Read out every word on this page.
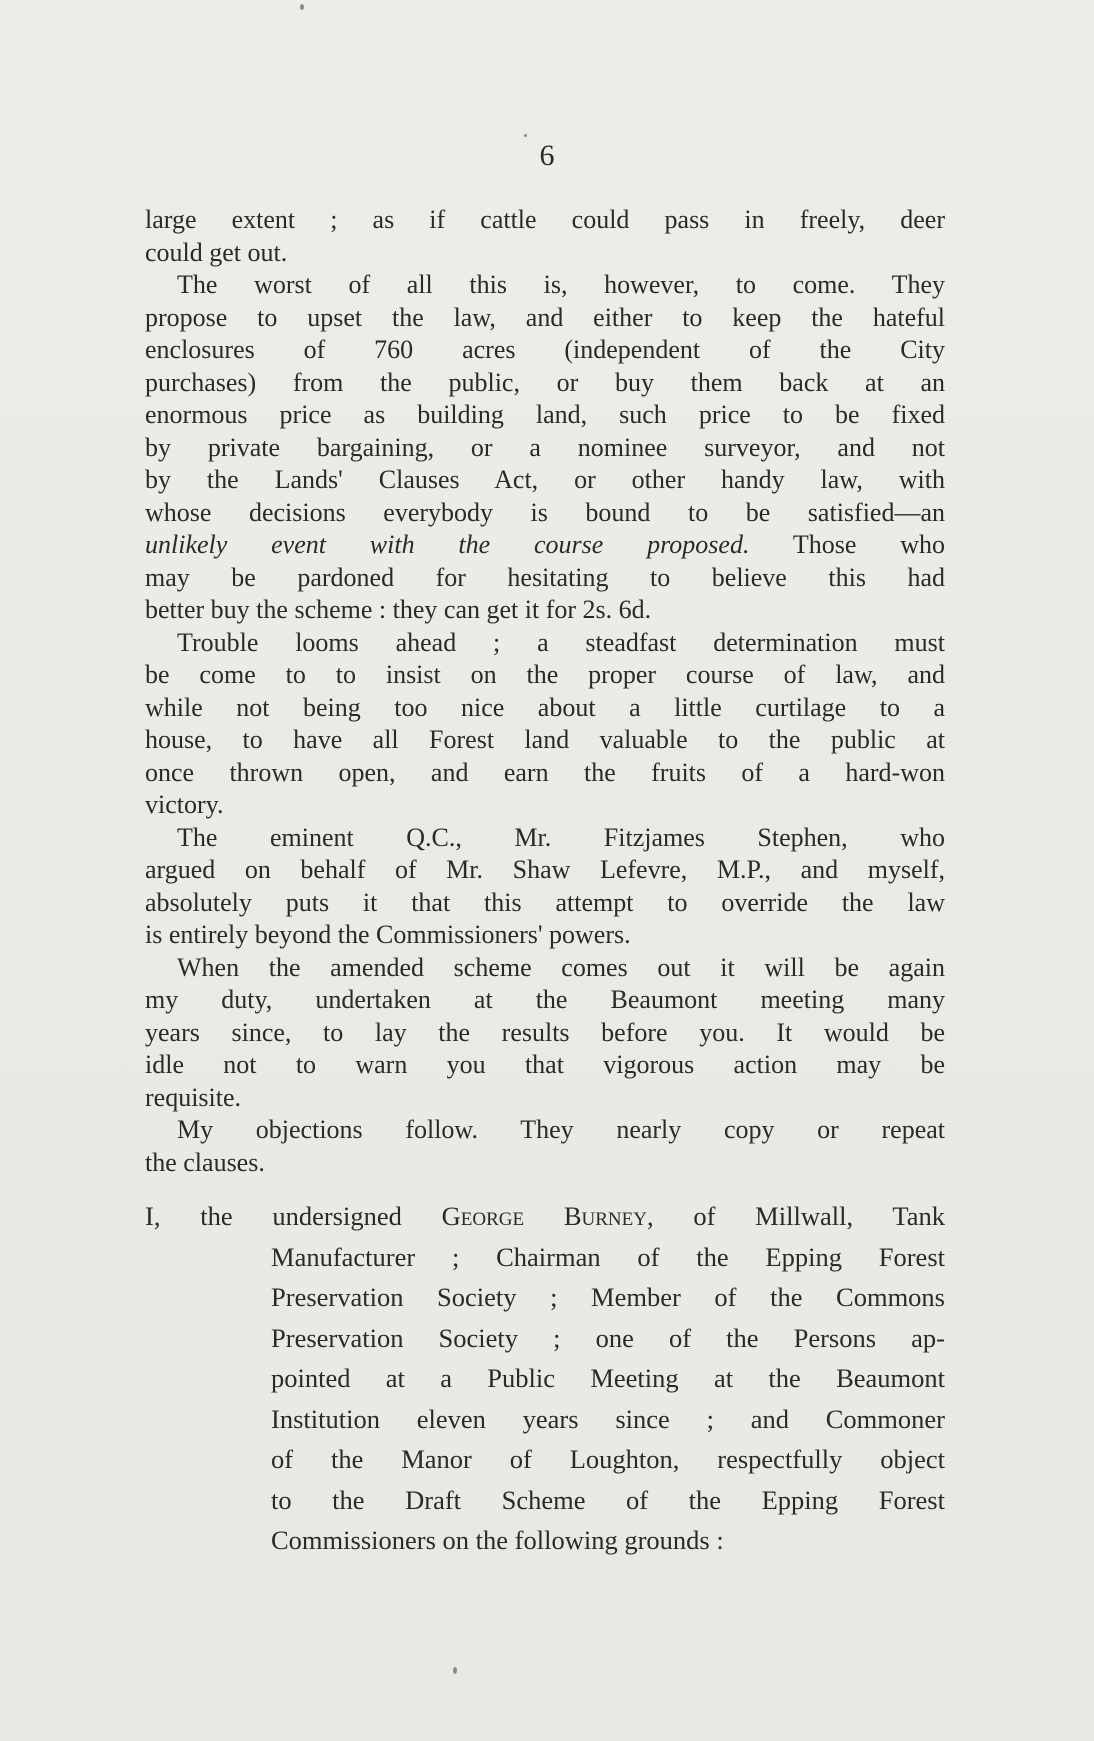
6

large extent ; as if cattle could pass in freely, deer
could get out.

The worst of all this is, however, to come. They
propose to upset the law, and either to keep the hateful
enclosures of 760 acres (independent of the City
purchases) from the public, or buy them back at an
enormous price as building land, such price to be fixed
by private bargaining, or a nominee surveyor, and not
by the Lands' Clauses Act, or other handy law, with
whose decisions everybody is bound to be satisfied—an
unlikely event with the course proposed. Those who
may be pardoned for hesitating to believe this had
better buy the scheme : they can get it for 2s. 6d.

Trouble looms ahead ; a steadfast determination must
be come to to insist on the proper course of law, and
while not being too nice about a little curtilage to a
house, to have all Forest land valuable to the public at
once thrown open, and earn the fruits of a hard-won
victory.

The eminent Q.C., Mr. Fitzjames Stephen, who
argued on behalf of Mr. Shaw Lefevre, M.P., and myself,
absolutely puts it that this attempt to override the law
is entirely beyond the Commissioners' powers.

When the amended scheme comes out it will be again
my duty, undertaken at the Beaumont meeting many
years since, to lay the results before you. It would be
idle not to warn you that vigorous action may be
requisite.

My objections follow. They nearly copy or repeat
the clauses.

I, the undersigned George Burney, of Millwall, Tank
Manufacturer ; Chairman of the Epping Forest
Preservation Society ; Member of the Commons
Preservation Society ; one of the Persons ap-
pointed at a Public Meeting at the Beaumont
Institution eleven years since ; and Commoner
of the Manor of Loughton, respectfully object
to the Draft Scheme of the Epping Forest
Commissioners on the following grounds :
